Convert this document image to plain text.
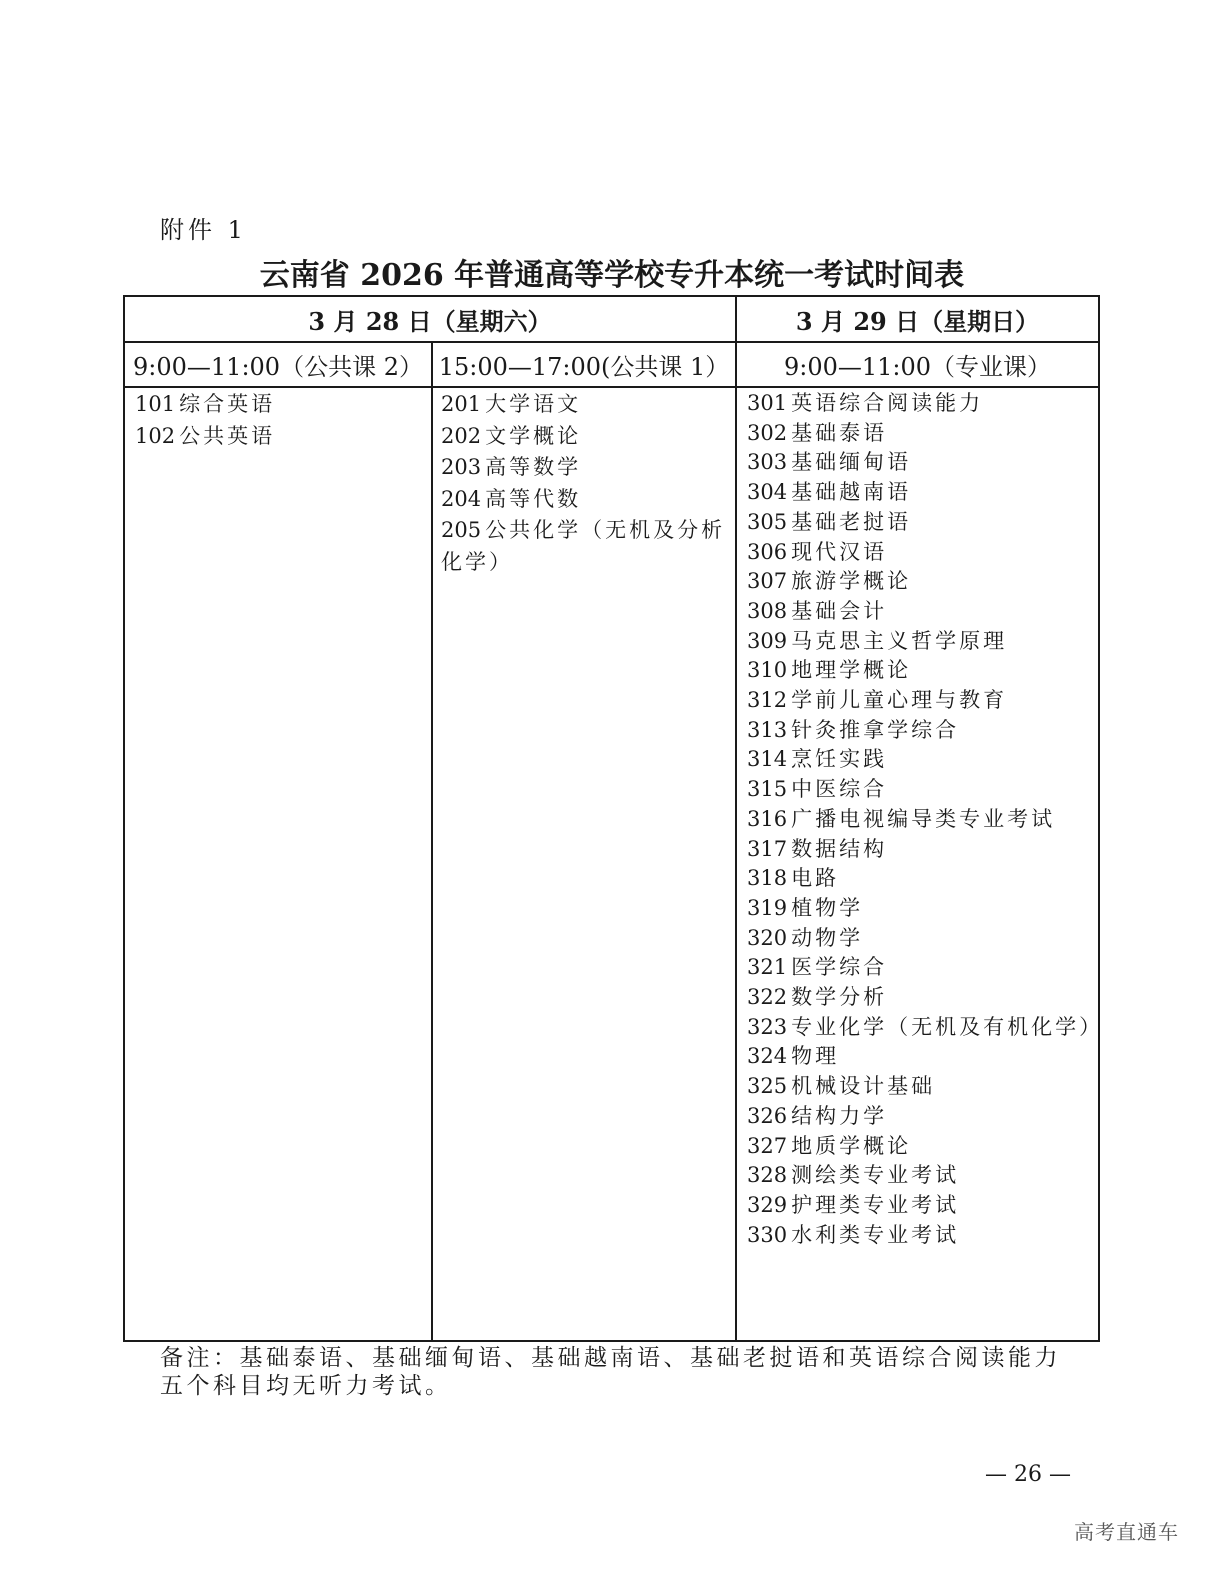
附件 1
云南省 2026 年普通高等学校专升本统一考试时间表
3 月 28 日（星期六）	3 月 29 日（星期日）
9:00—11:00（公共课 2） 15:00—17:00(公共课 1）	9:00—11:00（专业课）
101 综合英语
102 公共英语
201 大学语文
202 文学概论
203 高等数学
204 高等代数
205 公共化学（无机及分析化学）
301 英语综合阅读能力
302 基础泰语
303 基础缅甸语
304 基础越南语
305 基础老挝语
306 现代汉语
307 旅游学概论
308 基础会计
309 马克思主义哲学原理
310 地理学概论
312 学前儿童心理与教育
313 针灸推拿学综合
314 烹饪实践
315 中医综合
316 广播电视编导类专业考试
317 数据结构
318 电路
319 植物学
320 动物学
321 医学综合
322 数学分析
323 专业化学（无机及有机化学）
324 物理
325 机械设计基础
326 结构力学
327 地质学概论
328 测绘类专业考试
329 护理类专业考试
330 水利类专业考试
备注：基础泰语、基础缅甸语、基础越南语、基础老挝语和英语综合阅读能力五个科目均无听力考试。
— 26 —
高考直通车
